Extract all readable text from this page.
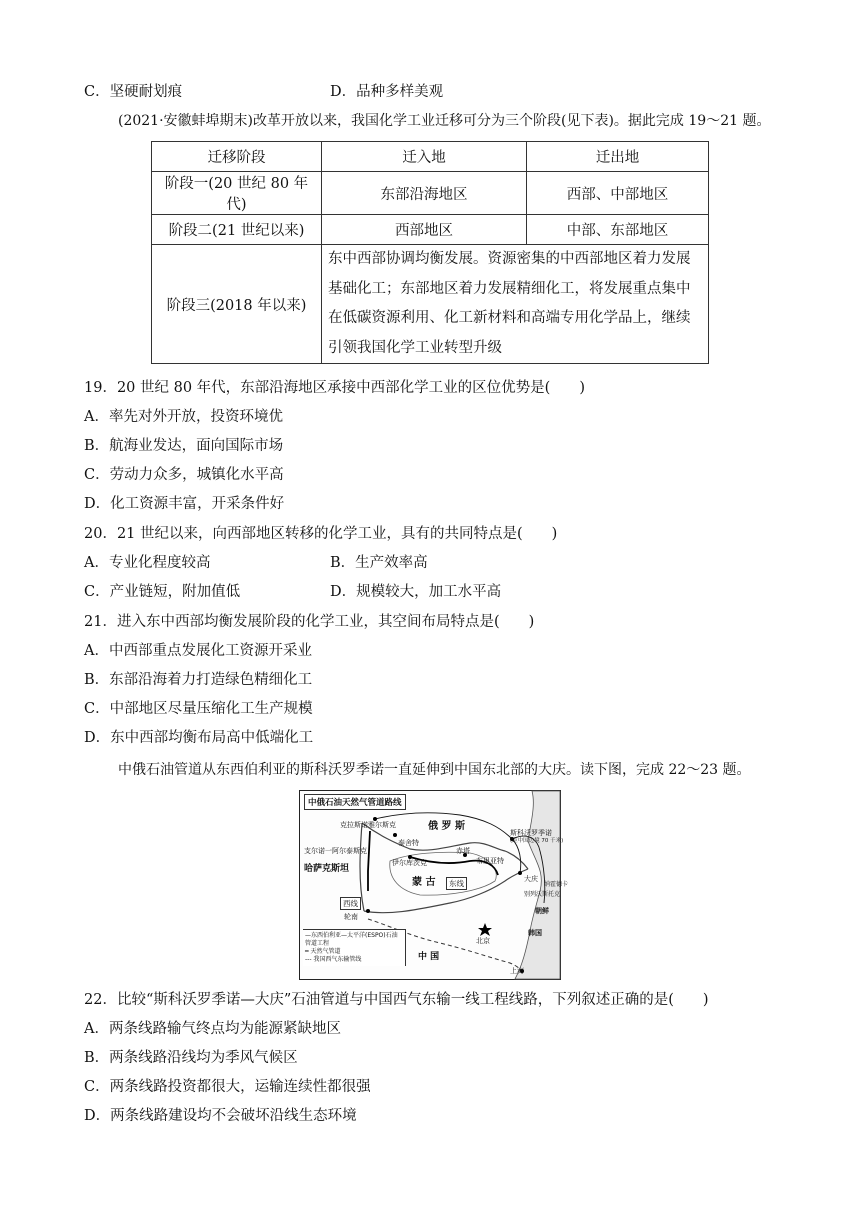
C．坚硬耐划痕	D．品种多样美观
(2021·安徽蚌埠期末)改革开放以来，我国化学工业迁移可分为三个阶段(见下表)。据此完成 19～21 题。
迁移阶段	迁入地	迁出地
阶段一(20 世纪 80 年代)	东部沿海地区	西部、中部地区
阶段二(21 世纪以来)	西部地区	中部、东部地区
阶段三(2018 年以来)	东中西部协调均衡发展。资源密集的中西部地区着力发展
基础化工；东部地区着力发展精细化工，将发展重点集中
在低碳资源利用、化工新材料和高端专用化学品上，继续
引领我国化学工业转型升级	
19．20 世纪 80 年代，东部沿海地区承接中西部化学工业的区位优势是(　　)
A．率先对外开放，投资环境优
B．航海业发达，面向国际市场
C．劳动力众多，城镇化水平高
D．化工资源丰富，开采条件好
20．21 世纪以来，向西部地区转移的化学工业，具有的共同特点是(　　)
A．专业化程度较高	B．生产效率高
C．产业链短，附加值低	D．规模较大，加工水平高
21．进入东中西部均衡发展阶段的化学工业，其空间布局特点是(　　)
A．中西部重点发展化工资源开采业
B．东部沿海着力打造绿色精细化工
C．中部地区尽量压缩化工生产规模
D．东中西部均衡布局高中低端化工
中俄石油管道从东西伯利亚的斯科沃罗季诺一直延伸到中国东北部的大庆。读下图，完成 22～23 题。
中俄石油天然气管道路线
俄 罗 斯
哈萨克斯坦
蒙 古
中 国
朝鲜
韩国
克拉斯诺雅尔斯克
泰舍特
支尔诺一阿尔泰斯克
伊尔库茨克
赤塔
布里亚特
斯科沃罗季诺
(距中国边境 70 千米)
大庆
别列沃斯托克
纳霍德卡
轮南
北京
上海
东线
西线
—东西伯利亚—太平洋(ESPO)石油管道工程
━ 天然气管道
--- 我国西气东输管线
22．比较“斯科沃罗季诺—大庆”石油管道与中国西气东输一线工程线路，下列叙述正确的是(　　)
A．两条线路输气终点均为能源紧缺地区
B．两条线路沿线均为季风气候区
C．两条线路投资都很大，运输连续性都很强
D．两条线路建设均不会破坏沿线生态环境
